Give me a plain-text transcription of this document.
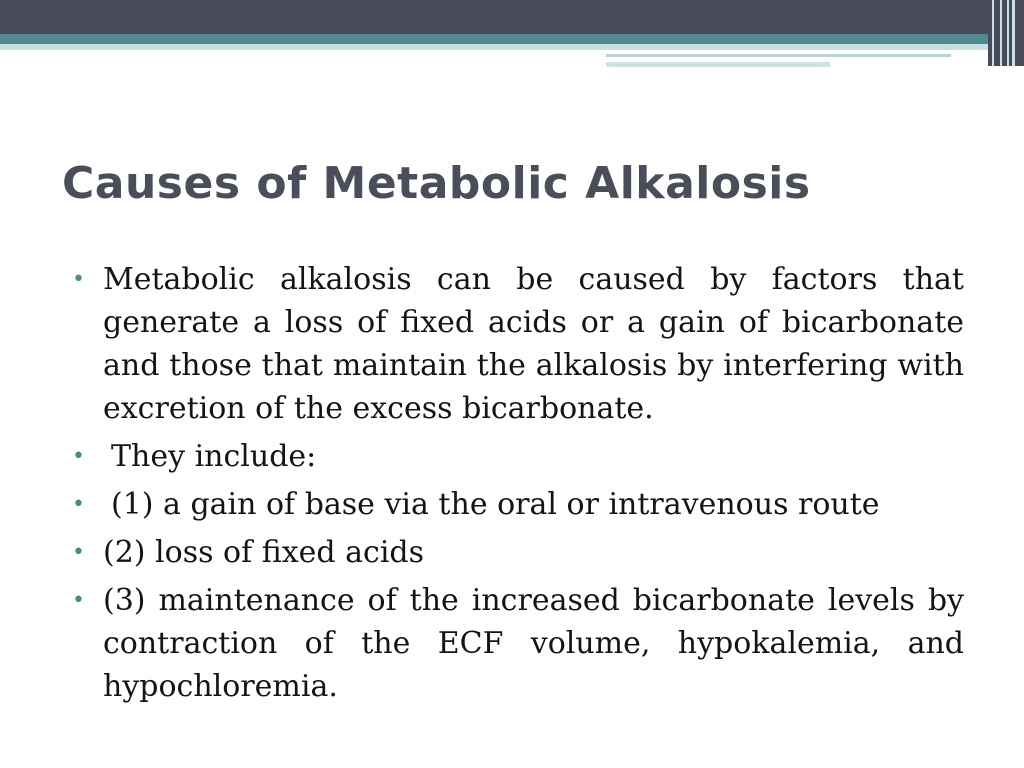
Causes of Metabolic Alkalosis
• Metabolic alkalosis can be caused by factors that generate a loss of fixed acids or a gain of bicarbonate and those that maintain the alkalosis by interfering with excretion of the excess bicarbonate.
• They include:
• (1) a gain of base via the oral or intravenous route
• (2) loss of fixed acids
• (3) maintenance of the increased bicarbonate levels by contraction of the ECF volume, hypokalemia, and hypochloremia.
